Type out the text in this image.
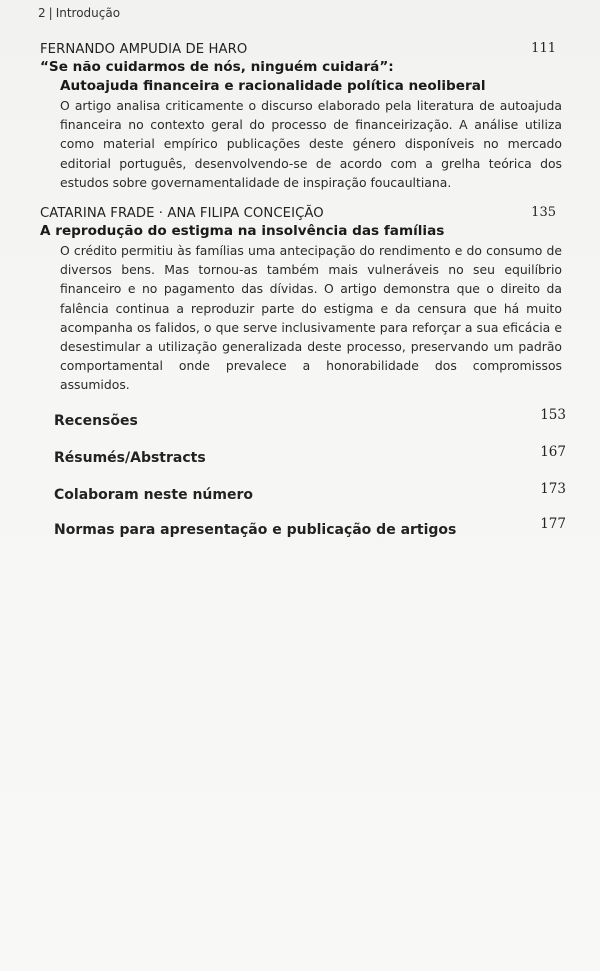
2 | Introdução
FERNANDO AMPUDIA DE HARO	111
“Se não cuidarmos de nós, ninguém cuidará”:
Autoajuda financeira e racionalidade política neoliberal
O artigo analisa criticamente o discurso elaborado pela literatura de autoajuda financeira no contexto geral do processo de financeirização. A análise utiliza como material empírico publicações deste género disponíveis no mercado editorial português, desenvolvendo-se de acordo com a grelha teórica dos estudos sobre governamentalidade de inspiração foucaultiana.
CATARINA FRADE · ANA FILIPA CONCEIÇÃO	135
A reprodução do estigma na insolvência das famílias
O crédito permitiu às famílias uma antecipação do rendimento e do consumo de diversos bens. Mas tornou-as também mais vulneráveis no seu equilíbrio financeiro e no pagamento das dívidas. O artigo demonstra que o direito da falência continua a reproduzir parte do estigma e da censura que há muito acompanha os falidos, o que serve inclusivamente para reforçar a sua eficácia e desestimular a utilização generalizada deste processo, preservando um padrão comportamental onde prevalece a honorabilidade dos compromissos assumidos.
Recensões	153
Résumés/Abstracts	167
Colaboram neste número	173
Normas para apresentação e publicação de artigos	177
